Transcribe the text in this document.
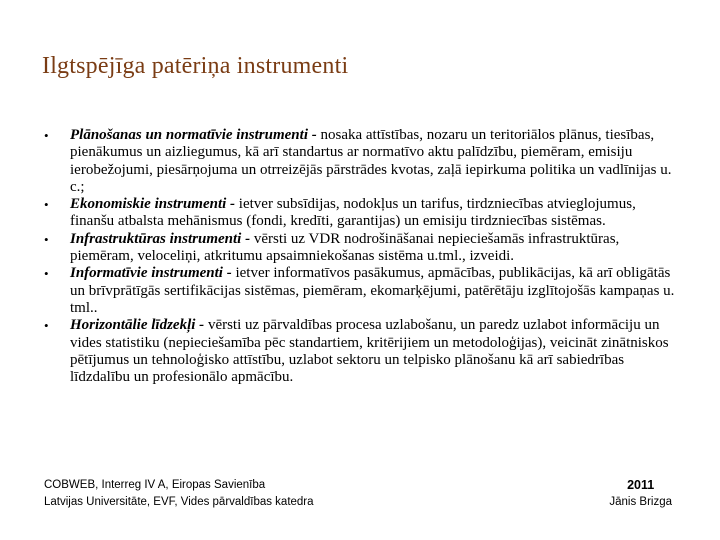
Ilgtspējīga patēriņa instrumenti
•	Plānošanas un normatīvie instrumenti - nosaka attīstības, nozaru un teritoriālos plānus, tiesības, pienākumus un aizliegumus, kā arī standartus ar normatīvo aktu palīdzību, piemēram, emisiju ierobežojumi, piesārņojuma un otrreizējās pārstrādes kvotas, zaļā iepirkuma politika un vadlīnijas u. c.;
•	Ekonomiskie instrumenti - ietver subsīdijas, nodokļus un tarifus, tirdzniecības atvieglojumus, finanšu atbalsta mehānismus (fondi, kredīti, garantijas) un emisiju tirdzniecības sistēmas.
•	Infrastruktūras instrumenti - vērsti uz VDR nodrošināšanai nepieciešamās infrastruktūras, piemēram, veloceliņi, atkritumu apsaimniekošanas sistēma u.tml., izveidi.
•	Informatīvie instrumenti - ietver informatīvos pasākumus, apmācības, publikācijas, kā arī obligātās un brīvprātīgās sertifikācijas sistēmas, piemēram, ekomarķējumi, patērētāju izglītojošās kampaņas u. tml..
•	Horizontālie līdzekļi - vērsti uz pārvaldības procesa uzlabošanu, un paredz uzlabot informāciju un vides statistiku (nepieciešamība pēc standartiem, kritērijiem un metodoloģijas), veicināt zinātniskos pētījumus un tehnoloģisko attīstību, uzlabot sektoru un telpisko plānošanu kā arī sabiedrības līdzdalību un profesionālo apmācību.
COBWEB, Interreg IV A, Eiropas Savienība
Latvijas Universitāte, EVF, Vides pārvaldības katedra
2011
Jānis Brizga
